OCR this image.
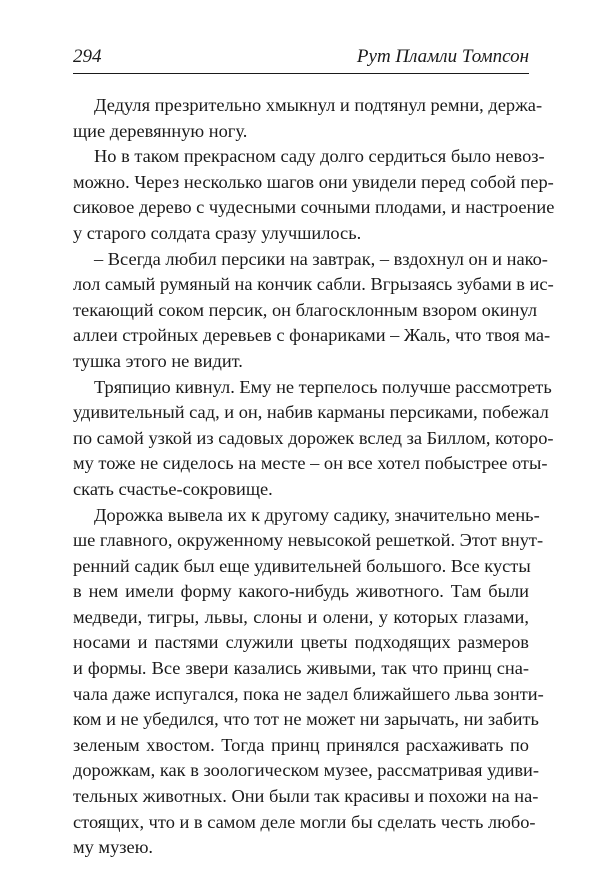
294	Рут Пламли Томпсон
Дедуля презрительно хмыкнул и подтянул ремни, держа-
щие деревянную ногу.
Но в таком прекрасном саду долго сердиться было невоз-
можно. Через несколько шагов они увидели перед собой пер-
сиковое дерево с чудесными сочными плодами, и настроение
у старого солдата сразу улучшилось.
– Всегда любил персики на завтрак, – вздохнул он и нако-
лол самый румяный на кончик сабли. Вгрызаясь зубами в ис-
текающий соком персик, он благосклонным взором окинул
аллеи стройных деревьев с фонариками – Жаль, что твоя ма-
тушка этого не видит.
Тряпицио кивнул. Ему не терпелось получше рассмотреть
удивительный сад, и он, набив карманы персиками, побежал
по самой узкой из садовых дорожек вслед за Биллом, которо-
му тоже не сиделось на месте – он все хотел побыстрее оты-
скать счастье-сокровище.
Дорожка вывела их к другому садику, значительно мень-
ше главного, окруженному невысокой решеткой. Этот внут-
ренний садик был еще удивительней большого. Все кусты
в нем имели форму какого-нибудь животного. Там были
медведи, тигры, львы, слоны и олени, у которых глазами,
носами и пастями служили цветы подходящих размеров
и формы. Все звери казались живыми, так что принц сна-
чала даже испугался, пока не задел ближайшего льва зонти-
ком и не убедился, что тот не может ни зарычать, ни забить
зеленым хвостом. Тогда принц принялся расхаживать по
дорожкам, как в зоологическом музее, рассматривая удиви-
тельных животных. Они были так красивы и похожи на на-
стоящих, что и в самом деле могли бы сделать честь любо-
му музею.
